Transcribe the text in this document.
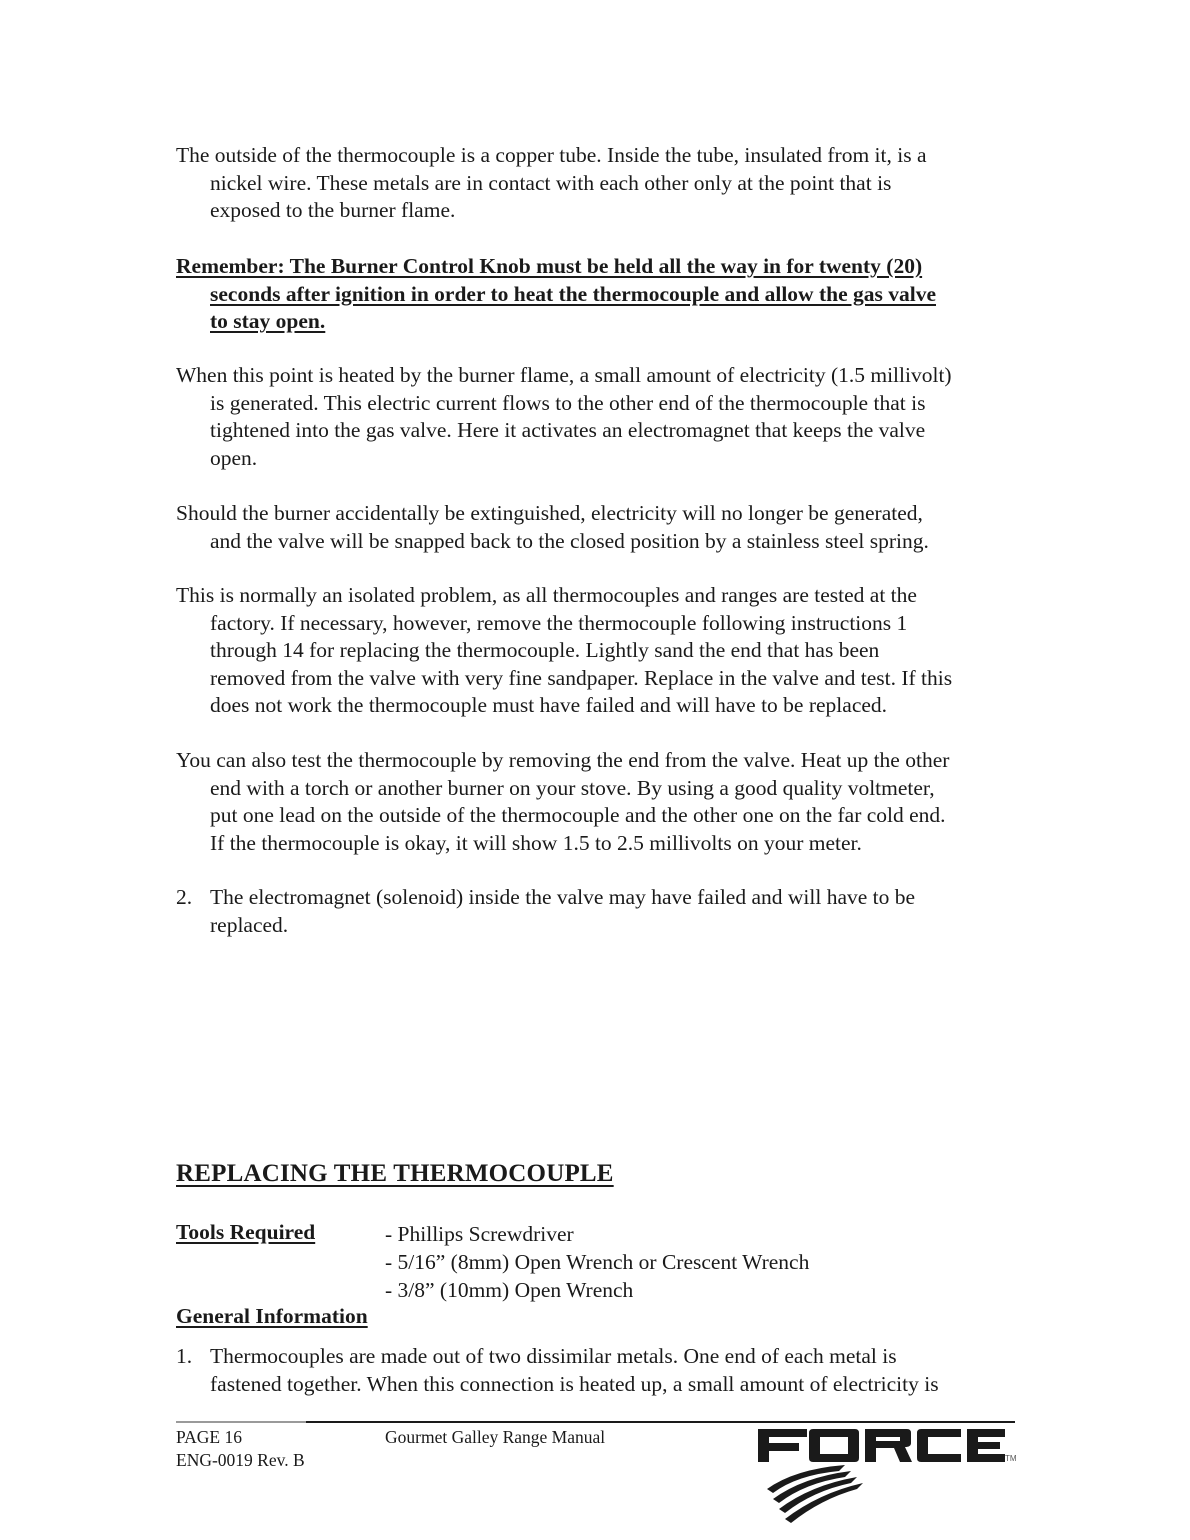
The outside of the thermocouple is a copper tube. Inside the tube, insulated from it, is a
nickel wire. These metals are in contact with each other only at the point that is
exposed to the burner flame.

Remember: The Burner Control Knob must be held all the way in for twenty (20)
seconds after ignition in order to heat the thermocouple and allow the gas valve
to stay open.

When this point is heated by the burner flame, a small amount of electricity (1.5 millivolt)
is generated. This electric current flows to the other end of the thermocouple that is
tightened into the gas valve. Here it activates an electromagnet that keeps the valve
open.

Should the burner accidentally be extinguished, electricity will no longer be generated,
and the valve will be snapped back to the closed position by a stainless steel spring.

This is normally an isolated problem, as all thermocouples and ranges are tested at the
factory. If necessary, however, remove the thermocouple following instructions 1
through 14 for replacing the thermocouple. Lightly sand the end that has been
removed from the valve with very fine sandpaper. Replace in the valve and test. If this
does not work the thermocouple must have failed and will have to be replaced.

You can also test the thermocouple by removing the end from the valve. Heat up the other
end with a torch or another burner on your stove. By using a good quality voltmeter,
put one lead on the outside of the thermocouple and the other one on the far cold end.
If the thermocouple is okay, it will show 1.5 to 2.5 millivolts on your meter.

2. The electromagnet (solenoid) inside the valve may have failed and will have to be
replaced.
REPLACING THE THERMOCOUPLE
Tools Required	- Phillips Screwdriver
- 5/16” (8mm) Open Wrench or Crescent Wrench
- 3/8” (10mm) Open Wrench
General Information
1. Thermocouples are made out of two dissimilar metals. One end of each metal is
fastened together. When this connection is heated up, a small amount of electricity is
PAGE 16	Gourmet Galley Range Manual
ENG-0019 Rev. B	TM
